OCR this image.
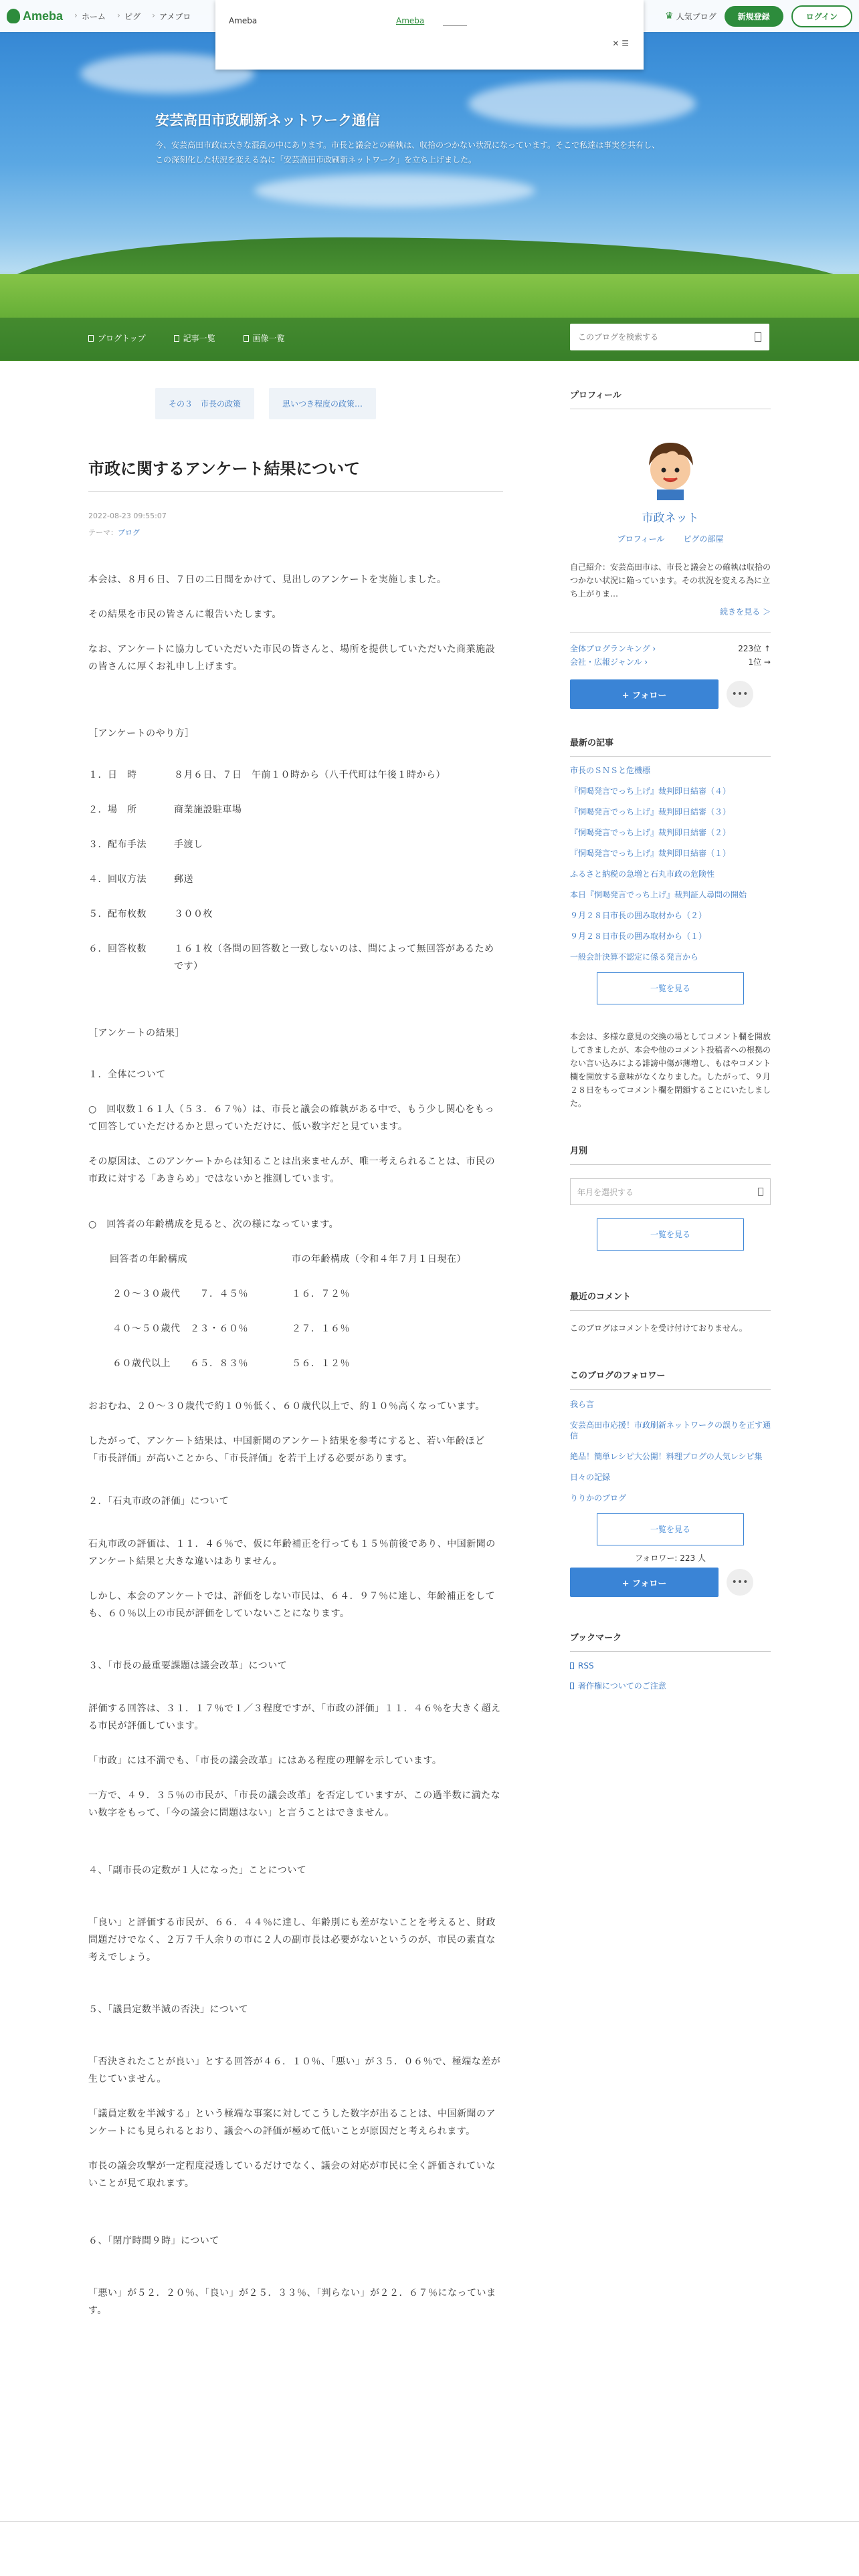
安芸高田市政刷新ネットワーク通信
今、安芸高田市政は大きな混乱の中にあります。市長と議会との確執は、収拾のつかない状況になっています。そこで私達は事実を共有し、この深刻化した状況を変える為に「安芸高田市政刷新ネットワーク」を立ち上げました。
ブログトップ	記事一覧	画像一覧
このブログを検索する
Ameba	› ホーム	› ピグ	› アメブロ	♛ 人気ブログ	新規登録	ログイン
Ameba	Ameba
✕ ☰
その３　市長の政策	思いつき程度の政策…
市政に関するアンケート結果について
2022-08-23 09:55:07
テーマ：ブログ

本会は、８月６日、７日の二日間をかけて、見出しのアンケートを実施しました。

その結果を市民の皆さんに報告いたします。

なお、アンケートに協力していただいた市民の皆さんと、場所を提供していただいた商業施設の皆さんに厚くお礼申し上げます。

［アンケートのやり方］

１．日　時	８月６日、７日　午前１０時から（八千代町は午後１時から）
２．場　所	商業施設駐車場
３．配布手法	手渡し
４．回収方法	郵送
５．配布枚数	３００枚
６．回答枚数	１６１枚（各問の回答数と一致しないのは、問によって無回答があるためです）

［アンケートの結果］

１．全体について

○　回収数１６１人（５３．６７％）は、市長と議会の確執がある中で、もう少し関心をもって回答していただけるかと思っていただけに、低い数字だと見ています。

その原因は、このアンケートからは知ることは出来ませんが、唯一考えられることは、市民の市政に対する「あきらめ」ではないかと推測しています。

○　回答者の年齢構成を見ると、次の様になっています。

回答者の年齢構成	市の年齢構成（令和４年７月１日現在）
２０～３０歳代　　７．４５％	１６．７２％
４０～５０歳代　２３・６０％	２７．１６％
６０歳代以上　　６５．８３％	５６．１２％

おおむね、２０～３０歳代で約１０％低く、６０歳代以上で、約１０％高くなっています。

したがって、アンケート結果は、中国新聞のアンケート結果を参考にすると、若い年齢ほど「市長評価」が高いことから、「市長評価」を若干上げる必要があります。

２．「石丸市政の評価」について

石丸市政の評価は、１１．４６％で、仮に年齢補正を行っても１５％前後であり、中国新聞のアンケート結果と大きな違いはありません。

しかし、本会のアンケートでは、評価をしない市民は、６４．９７％に達し、年齢補正をしても、６０％以上の市民が評価をしていないことになります。

３、「市長の最重要課題は議会改革」について

評価する回答は、３１．１７％で１／３程度ですが、「市政の評価」１１．４６％を大きく超える市民が評価しています。

「市政」には不満でも、「市長の議会改革」にはある程度の理解を示しています。

一方で、４９．３５％の市民が、「市長の議会改革」を否定していますが、この過半数に満たない数字をもって、「今の議会に問題はない」と言うことはできません。

４、「副市長の定数が１人になった」ことについて

「良い」と評価する市民が、６６．４４％に達し、年齢別にも差がないことを考えると、財政問題だけでなく、２万７千人余りの市に２人の副市長は必要がないというのが、市民の素直な考えでしょう。

５、「議員定数半減の否決」について

「否決されたことが良い」とする回答が４６．１０％、「悪い」が３５．０６％で、極端な差が生じていません。

「議員定数を半減する」という極端な事案に対してこうした数字が出ることは、中国新聞のアンケートにも見られるとおり、議会への評価が極めて低いことが原因だと考えられます。

市長の議会攻撃が一定程度浸透しているだけでなく、議会の対応が市民に全く評価されていないことが見て取れます。

６、「閉庁時間９時」について

「悪い」が５２．２０％、「良い」が２５．３３％、「判らない」が２２．６７％になっています。

プロフィール
市政ネット
プロフィール ピグの部屋
自己紹介：安芸高田市は、市長と議会との確執は収拾のつかない状況に陥っています。その状況を変える為に立ち上がりま…
続きを見る ＞
全体ブログランキング ›	223位 ↑
会社・広報ジャンル ›	1位 →
+ フォロー	•••
最新の記事
市長のＳＮＳと危機標
『恫喝発言でっち上げ』裁判即日結審（４）
『恫喝発言でっち上げ』裁判即日結審（３）
『恫喝発言でっち上げ』裁判即日結審（２）
『恫喝発言でっち上げ』裁判即日結審（１）
ふるさと納税の急増と石丸市政の危険性
本日『恫喝発言でっち上げ』裁判証人尋問の開始
９月２８日市長の囲み取材から（２）
９月２８日市長の囲み取材から（１）
一般会計決算不認定に係る発言から
一覧を見る
本会は、多様な意見の交換の場としてコメント欄を開放してきましたが、本会や他のコメント投稿者への根拠のない言い込みによる誹謗中傷が薄増し、もはやコメント欄を開放する意味がなくなりました。したがって、９月２８日をもってコメント欄を閉鎖することにいたしました。
月別
年月を選択する
一覧を見る
最近のコメント
このブログはコメントを受け付けておりません。
このブログのフォロワー
我ら言
安芸高田市応援！市政刷新ネットワークの誤りを正す通信
絶品！簡単レシピ大公開！料理ブログの人気レシピ集
日々の記録
りりかのブログ
一覧を見る
フォロワー: 223 人
+ フォロー	•••
ブックマーク
RSS
著作権についてのご注意
